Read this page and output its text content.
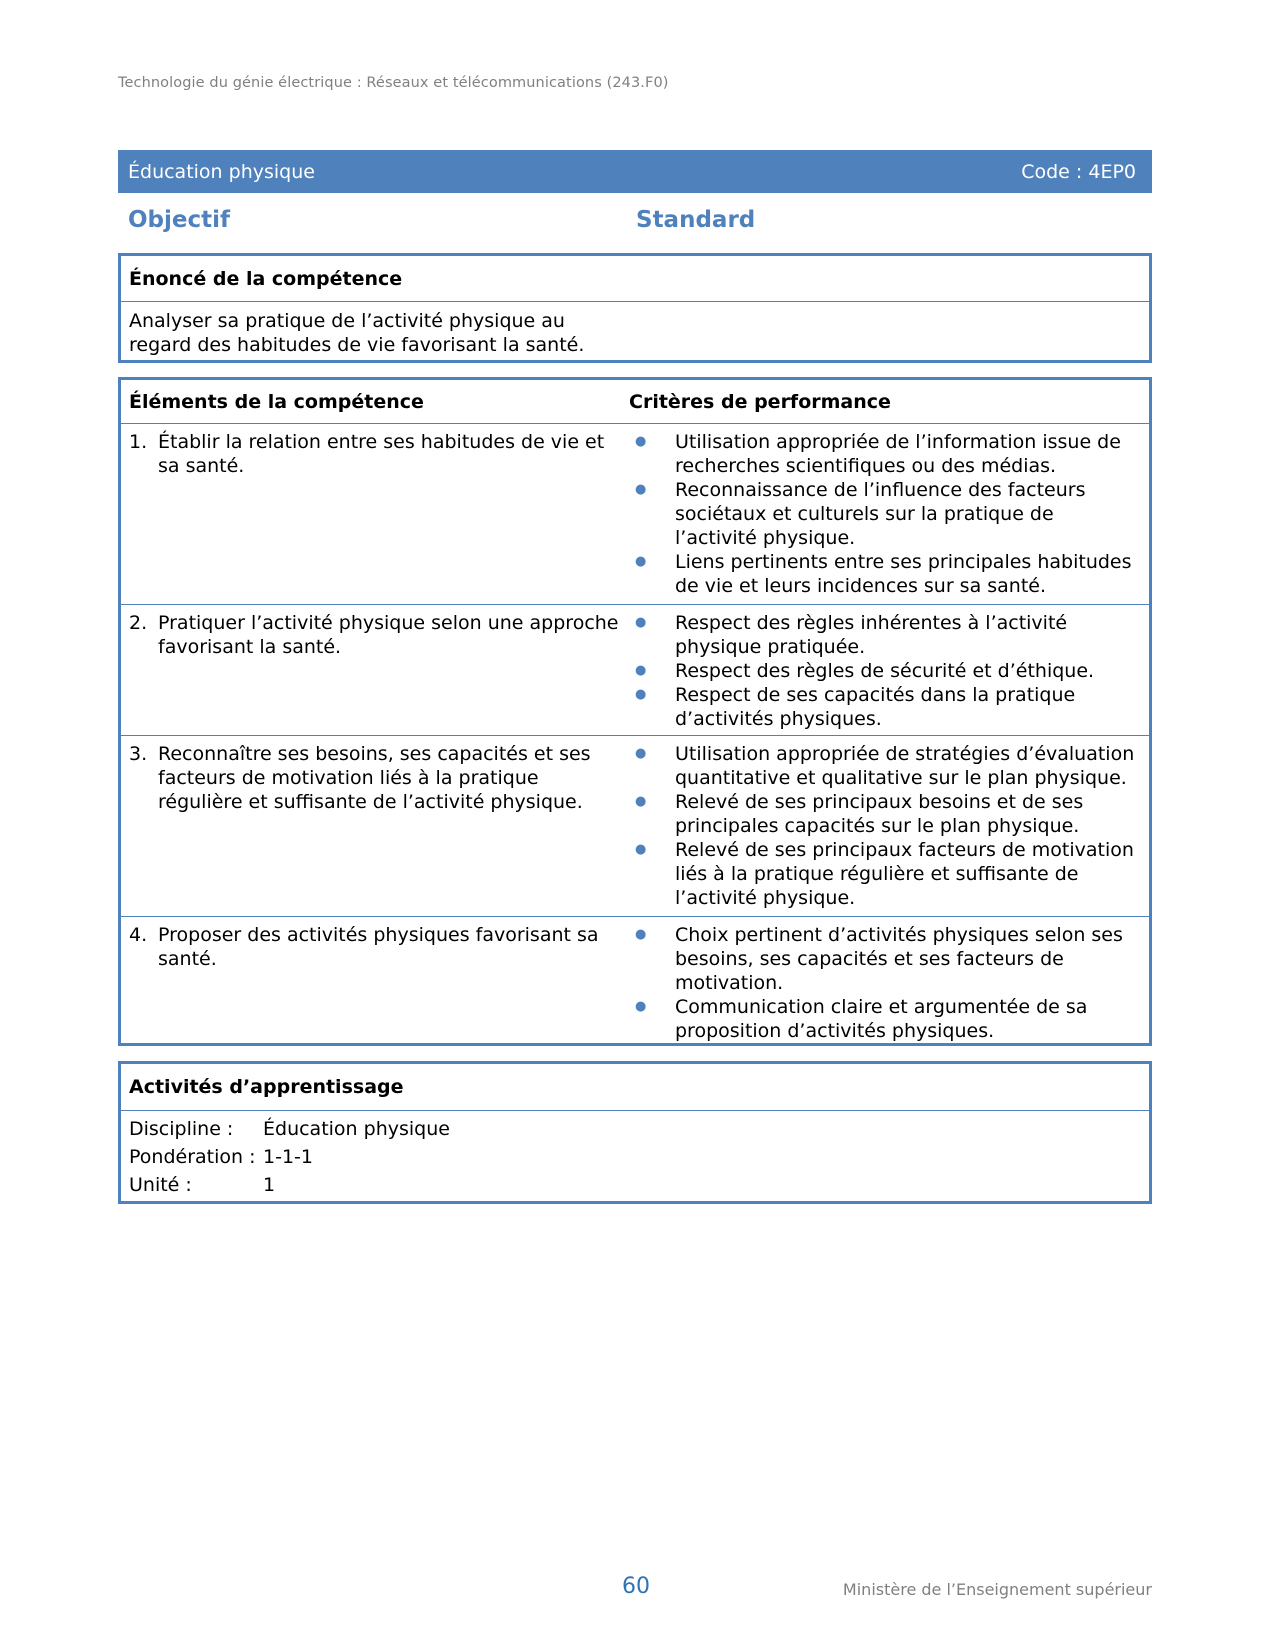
Technologie du génie électrique : Réseaux et télécommunications (243.F0)
Éducation physique	Code : 4EP0
Objectif	Standard
Énoncé de la compétence
Analyser sa pratique de l’activité physique au regard des habitudes de vie favorisant la santé.
Éléments de la compétence	Critères de performance
1. Établir la relation entre ses habitudes de vie et sa santé.
●	Utilisation appropriée de l’information issue de recherches scientifiques ou des médias.
●	Reconnaissance de l’influence des facteurs sociétaux et culturels sur la pratique de l’activité physique.
●	Liens pertinents entre ses principales habitudes de vie et leurs incidences sur sa santé.
2. Pratiquer l’activité physique selon une approche favorisant la santé.
●	Respect des règles inhérentes à l’activité physique pratiquée.
●	Respect des règles de sécurité et d’éthique.
●	Respect de ses capacités dans la pratique d’activités physiques.
3. Reconnaître ses besoins, ses capacités et ses facteurs de motivation liés à la pratique régulière et suffisante de l’activité physique.
●	Utilisation appropriée de stratégies d’évaluation quantitative et qualitative sur le plan physique.
●	Relevé de ses principaux besoins et de ses principales capacités sur le plan physique.
●	Relevé de ses principaux facteurs de motivation liés à la pratique régulière et suffisante de l’activité physique.
4. Proposer des activités physiques favorisant sa santé.
●	Choix pertinent d’activités physiques selon ses besoins, ses capacités et ses facteurs de motivation.
●	Communication claire et argumentée de sa proposition d’activités physiques.
Activités d’apprentissage
Discipline :	Éducation physique
Pondération : 1-1-1
Unité :	1
60	Ministère de l’Enseignement supérieur
